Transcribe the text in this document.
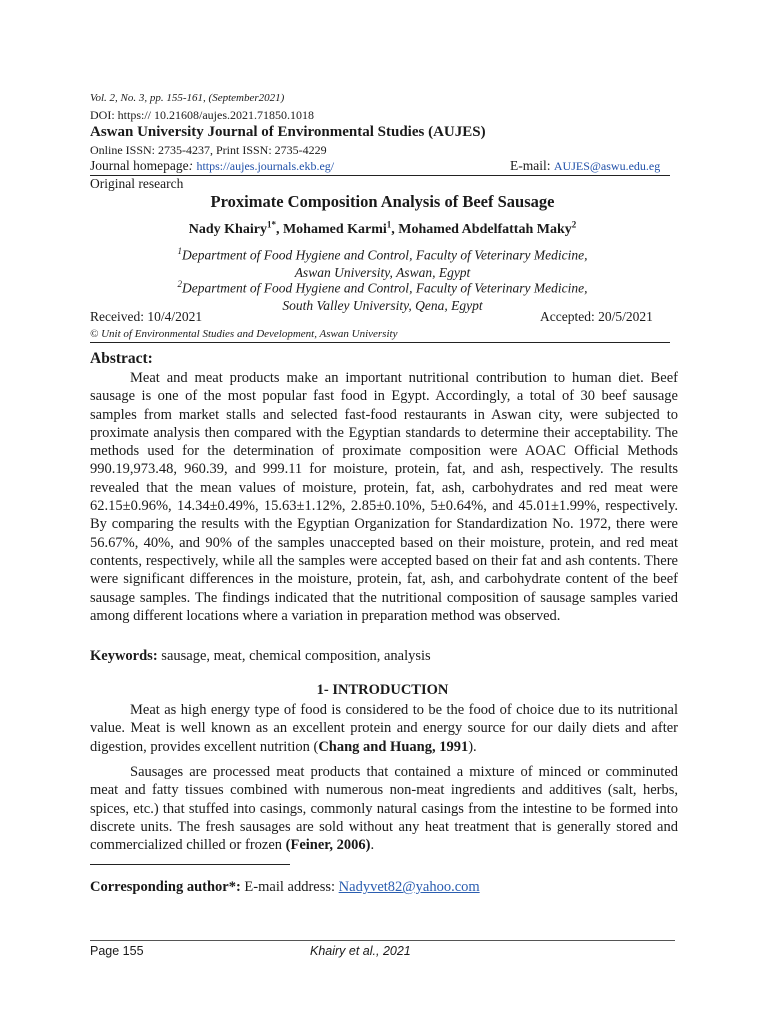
Vol. 2, No. 3, pp. 155-161, (September2021)
DOI: https:// 10.21608/aujes.2021.71850.1018
Aswan University Journal of Environmental Studies (AUJES)
Online ISSN: 2735-4237, Print ISSN: 2735-4229
Journal homepage: https://aujes.journals.ekb.eg/	E-mail: AUJES@aswu.edu.eg
Original research
Proximate Composition Analysis of Beef Sausage
Nady Khairy$^{1*}$, Mohamed Karmi$^1$, Mohamed Abdelfattah Maky$^2$
$^1$Department of Food Hygiene and Control, Faculty of Veterinary Medicine,
Aswan University, Aswan, Egypt
$^2$Department of Food Hygiene and Control, Faculty of Veterinary Medicine,
South Valley University, Qena, Egypt
Received: 10/4/2021	Accepted: 20/5/2021
© Unit of Environmental Studies and Development, Aswan University
Abstract:

Meat and meat products make an important nutritional contribution to human diet. Beef sausage is one of the most popular fast food in Egypt. Accordingly, a total of 30 beef sausage samples from market stalls and selected fast-food restaurants in Aswan city, were subjected to proximate analysis then compared with the Egyptian standards to determine their acceptability. The methods used for the determination of proximate composition were AOAC Official Methods 990.19,973.48, 960.39, and 999.11 for moisture, protein, fat, and ash, respectively. The results revealed that the mean values of moisture, protein, fat, ash, carbohydrates and red meat were 62.15±0.96%, 14.34±0.49%, 15.63±1.12%, 2.85±0.10%, 5±0.64%, and 45.01±1.99%, respectively. By comparing the results with the Egyptian Organization for Standardization No. 1972, there were 56.67%, 40%, and 90% of the samples unaccepted based on their moisture, protein, and red meat contents, respectively, while all the samples were accepted based on their fat and ash contents. There were significant differences in the moisture, protein, fat, ash, and carbohydrate content of the beef sausage samples. The findings indicated that the nutritional composition of sausage samples varied among different locations where a variation in preparation method was observed.

Keywords: sausage, meat, chemical composition, analysis
1- INTRODUCTION

Meat as high energy type of food is considered to be the food of choice due to its nutritional value. Meat is well known as an excellent protein and energy source for our daily diets and after digestion, provides excellent nutrition (Chang and Huang, 1991).

Sausages are processed meat products that contained a mixture of minced or comminuted meat and fatty tissues combined with numerous non-meat ingredients and additives (salt, herbs, spices, etc.) that stuffed into casings, commonly natural casings from the intestine to be formed into discrete units. The fresh sausages are sold without any heat treatment that is generally stored and commercialized chilled or frozen (Feiner, 2006).

Corresponding author*: E-mail address: Nadyvet82@yahoo.com
Page 155	Khairy et al., 2021
